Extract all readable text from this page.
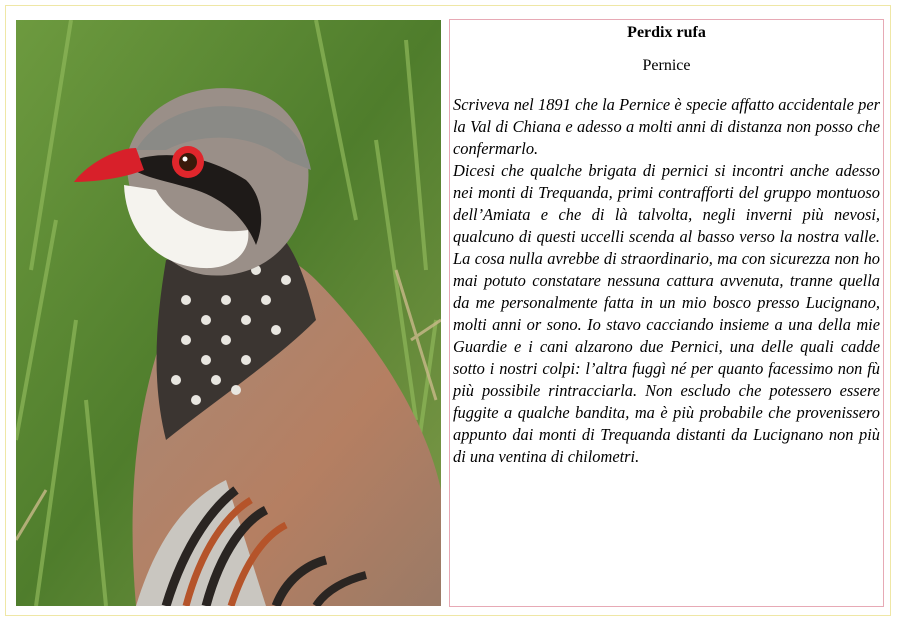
Perdix rufa

Pernice

Scriveva nel 1891 che la Pernice è specie affatto accidentale per la Val di Chiana e adesso a molti anni di distanza non posso che confermarlo.
Dicesi che qualche brigata di pernici si incontri anche adesso nei monti di Trequanda, primi contrafforti del gruppo montuoso dell’Amiata e che di là talvolta, negli inverni più nevosi, qualcuno di questi uccelli scenda al basso verso la nostra valle. La cosa nulla avrebbe di straordinario, ma con sicurezza non ho mai potuto constatare nessuna cattura avvenuta, tranne quella da me personalmente fatta in un mio bosco presso Lucignano, molti anni or sono. Io stavo cacciando insieme a una della mie Guardie e i cani alzarono due Pernici, una delle quali cadde sotto i nostri colpi: l’altra fuggì né per quanto facessimo non fù più possibile rintracciarla. Non escludo che potessero essere fuggite a qualche bandita, ma è più probabile che provenissero appunto dai monti di Trequanda distanti da Lucignano non più di una ventina di chilometri.
